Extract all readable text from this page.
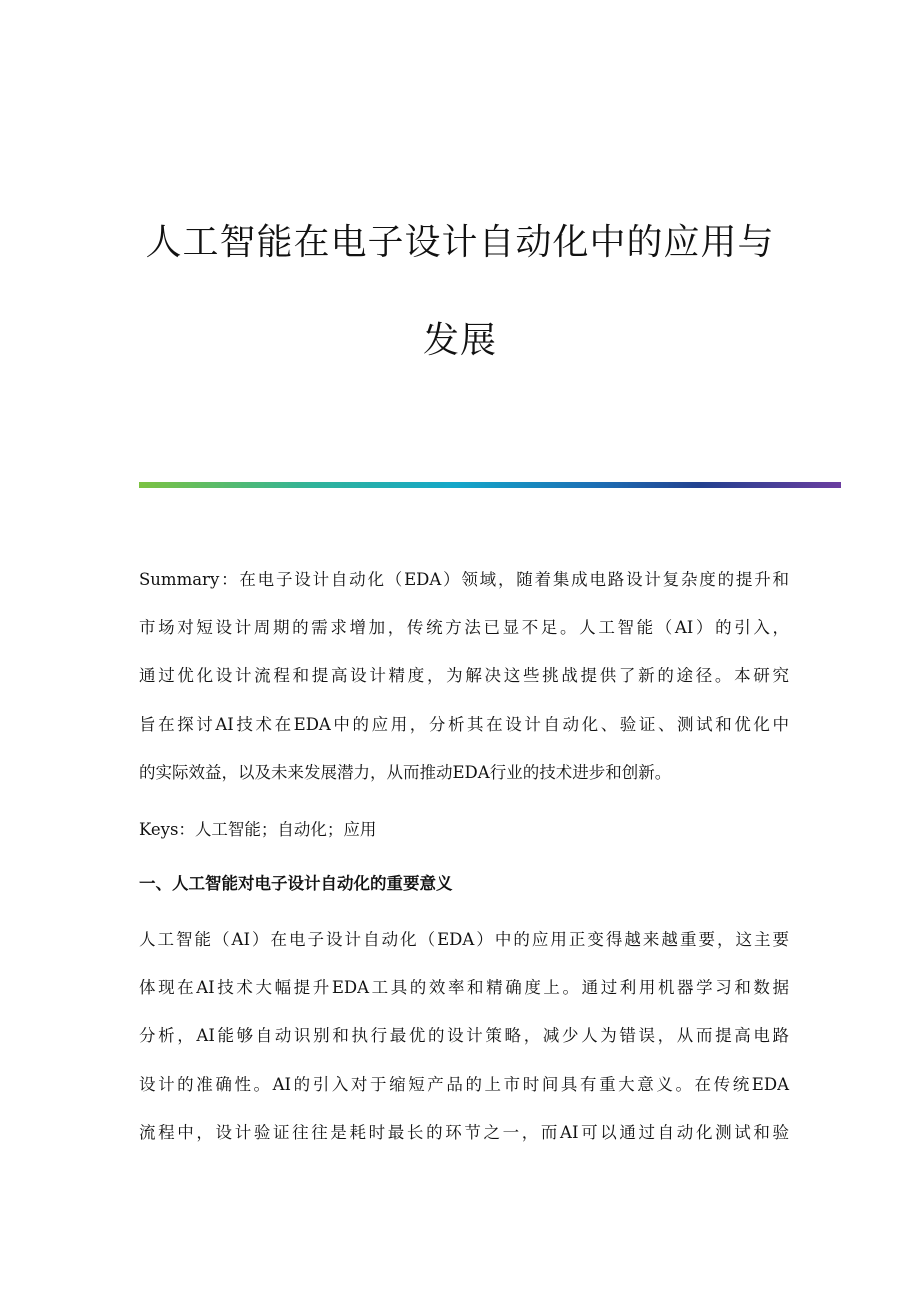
人工智能在电子设计自动化中的应用与
发展
Summary：在电子设计自动化（EDA）领域，随着集成电路设计复杂度的提升和
市场对短设计周期的需求增加，传统方法已显不足。人工智能（AI）的引入，
通过优化设计流程和提高设计精度，为解决这些挑战提供了新的途径。本研究
旨在探讨AI技术在EDA中的应用，分析其在设计自动化、验证、测试和优化中
的实际效益，以及未来发展潜力，从而推动EDA行业的技术进步和创新。
Keys：人工智能；自动化；应用
一、人工智能对电子设计自动化的重要意义
人工智能（AI）在电子设计自动化（EDA）中的应用正变得越来越重要，这主要
体现在AI技术大幅提升EDA工具的效率和精确度上。通过利用机器学习和数据
分析，AI能够自动识别和执行最优的设计策略，减少人为错误，从而提高电路
设计的准确性。AI的引入对于缩短产品的上市时间具有重大意义。在传统EDA
流程中，设计验证往往是耗时最长的环节之一，而AI可以通过自动化测试和验
